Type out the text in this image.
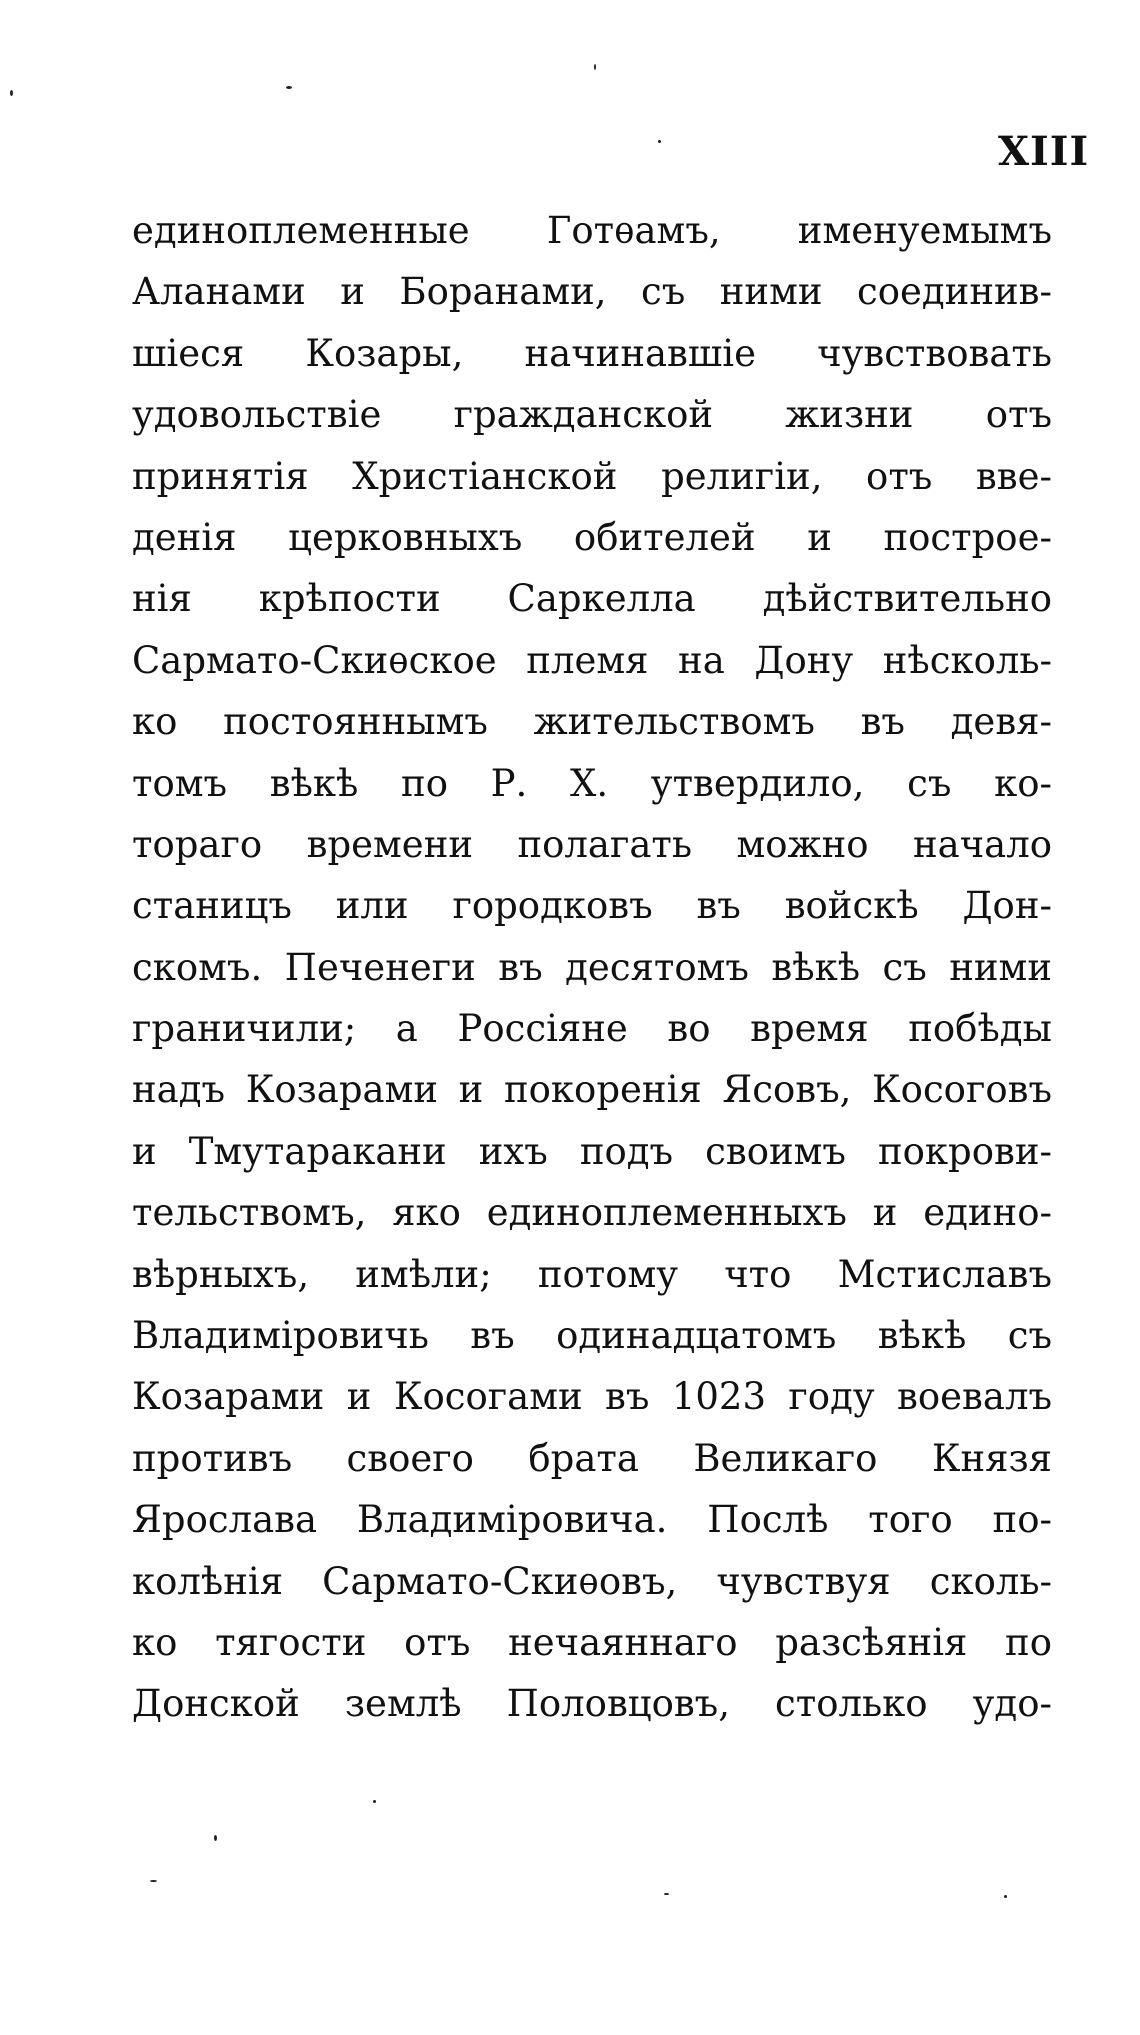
XIII
единоплеменные Готѳамъ, именуемымъ
Аланами и Боранами, съ ними соединив-
шіеся Козары, начинавшіе чувствовать
удовольствіе гражданской жизни отъ
принятія Христіанской религіи, отъ вве-
денія церковныхъ обителей и построе-
нія крѣпости Саркелла дѣйствительно
Сармато-Скиѳское племя на Дону нѣсколь-
ко постояннымъ жительствомъ въ девя-
томъ вѣкѣ по Р. Х. утвердило, съ ко-
тораго времени полагать можно начало
станицъ или городковъ въ войскѣ Дон-
скомъ. Печенеги въ десятомъ вѣкѣ съ ними
граничили; а Россіяне во время побѣды
надъ Козарами и покоренія Ясовъ, Косоговъ
и Тмутаракани ихъ подъ своимъ покрови-
тельствомъ, яко единоплеменныхъ и едино-
вѣрныхъ, имѣли; потому что Мстиславъ
Владиміровичь въ одинадцатомъ вѣкѣ съ
Козарами и Косогами въ 1023 году воевалъ
противъ своего брата Великаго Князя
Ярослава Владиміровича. Послѣ того по-
колѣнія Сармато-Скиѳовъ, чувствуя сколь-
ко тягости отъ нечаяннаго разсѣянія по
Донской землѣ Половцовъ, столько удо-
